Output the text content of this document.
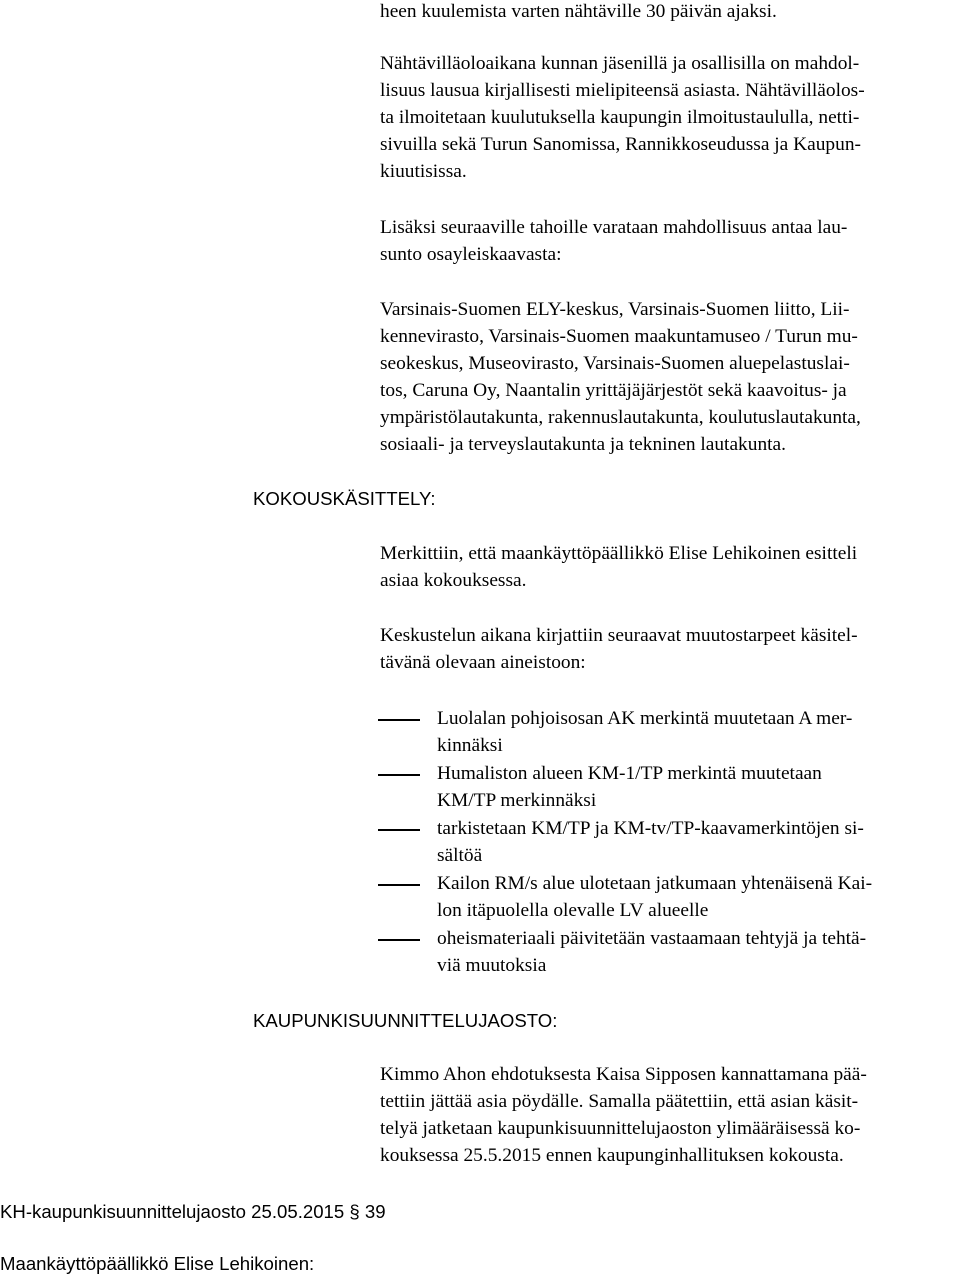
heen kuulemista varten nähtäville 30 päivän ajaksi.
Nähtävilläoloaikana kunnan jäsenillä ja osallisilla on mahdol-
lisuus lausua kirjallisesti mielipiteensä asiasta. Nähtävilläolos-
ta ilmoitetaan kuulutuksella kaupungin ilmoitustaululla, netti-
sivuilla sekä Turun Sanomissa, Rannikkoseudussa ja Kaupun-
kiuutisissa.
Lisäksi seuraaville tahoille varataan mahdollisuus antaa lau-
sunto osayleiskaavasta:
Varsinais-Suomen ELY-keskus, Varsinais-Suomen liitto, Lii-
kennevirasto, Varsinais-Suomen maakuntamuseo / Turun mu-
seokeskus, Museovirasto, Varsinais-Suomen aluepelastuslai-
tos, Caruna Oy, Naantalin yrittäjäjärjestöt sekä kaavoitus- ja
ympäristölautakunta, rakennuslautakunta, koulutuslautakunta,
sosiaali- ja terveyslautakunta ja tekninen lautakunta.
KOKOUSKÄSITTELY:
Merkittiin, että maankäyttöpäällikkö Elise Lehikoinen esitteli
asiaa kokouksessa.
Keskustelun aikana kirjattiin seuraavat muutostarpeet käsitel-
tävänä olevaan aineistoon:
Luolalan pohjoisosan AK merkintä muutetaan A mer-
kinnäksi
Humaliston alueen KM-1/TP merkintä muutetaan
KM/TP merkinnäksi
tarkistetaan KM/TP ja KM-tv/TP-kaavamerkintöjen si-
sältöä
Kailon RM/s alue ulotetaan jatkumaan yhtenäisenä Kai-
lon itäpuolella olevalle LV alueelle
oheismateriaali päivitetään vastaamaan tehtyjä ja tehtä-
viä muutoksia
KAUPUNKISUUNNITTELUJAOSTO:
Kimmo Ahon ehdotuksesta Kaisa Sipposen kannattamana pää-
tettiin jättää asia pöydälle. Samalla päätettiin, että asian käsit-
telyä jatketaan kaupunkisuunnittelujaoston ylimääräisessä ko-
kouksessa 25.5.2015 ennen kaupunginhallituksen kokousta.
KH-kaupunkisuunnittelujaosto 25.05.2015 § 39
Maankäyttöpäällikkö Elise Lehikoinen:
